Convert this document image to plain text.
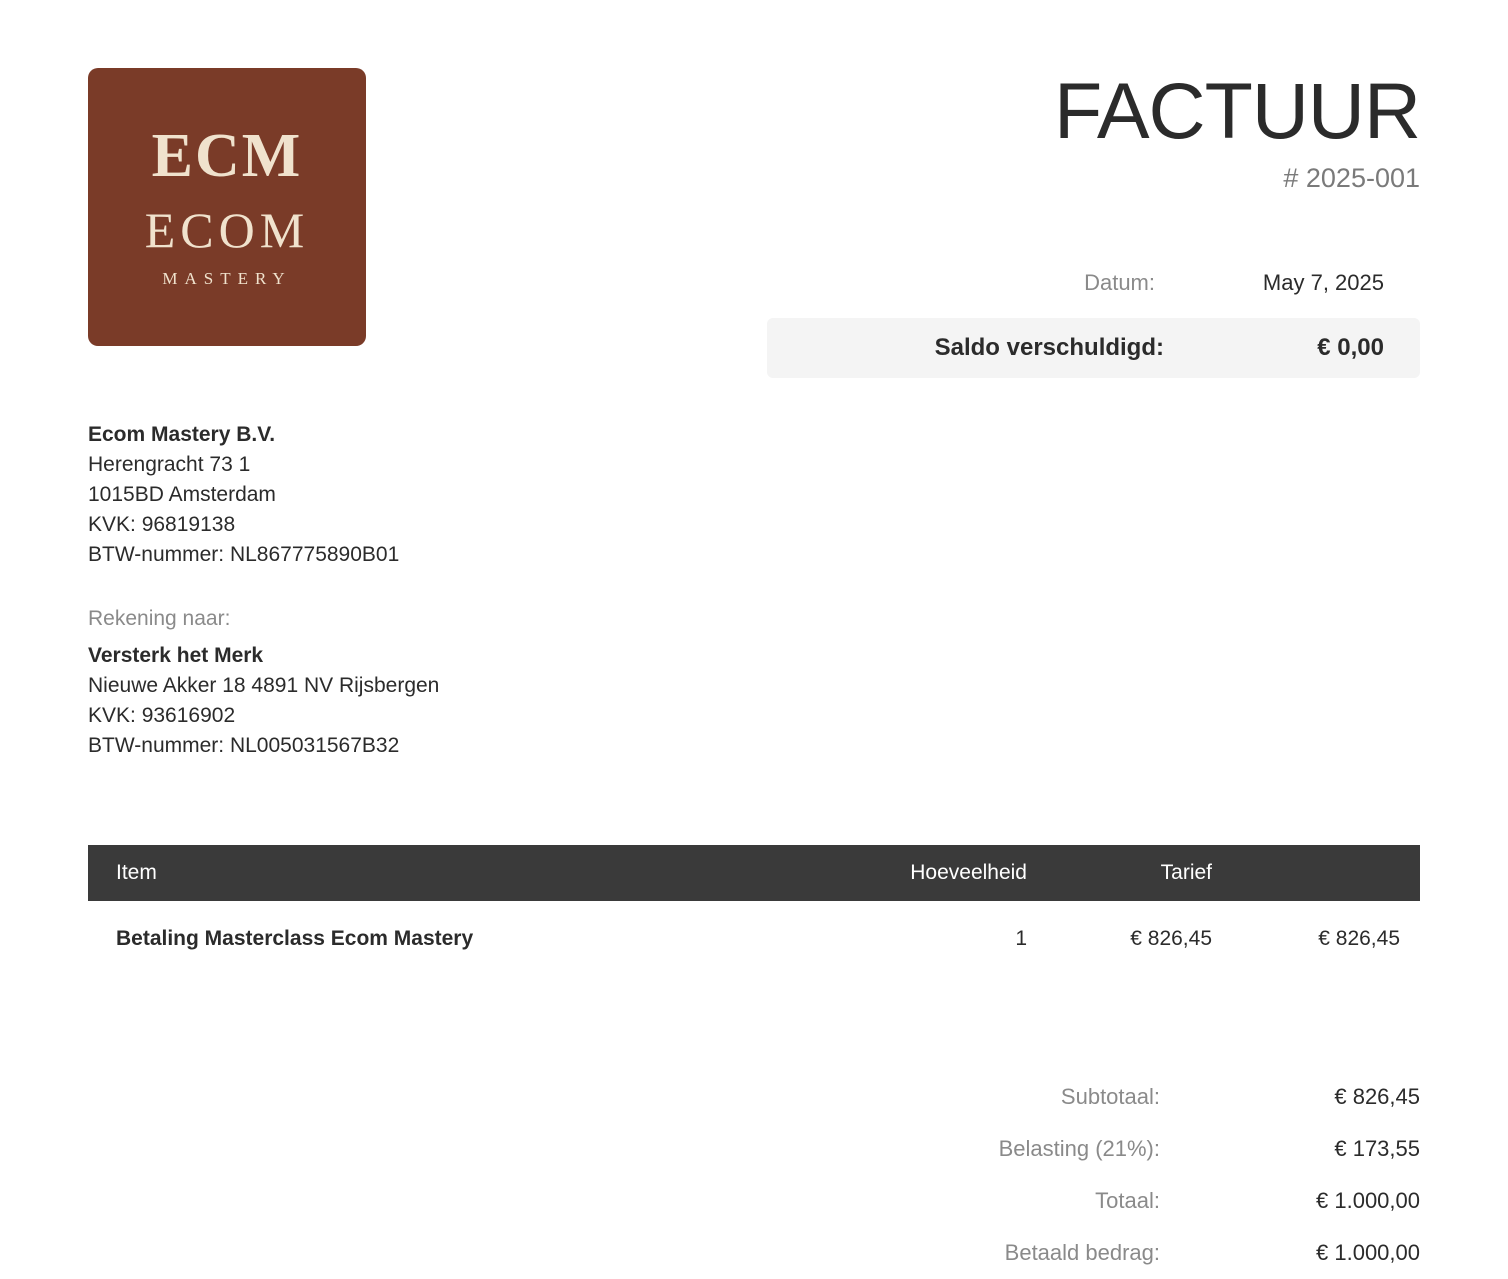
ECM
ECOM
MASTERY
FACTUUR
# 2025-001
Datum:	May 7, 2025
Saldo verschuldigd:	€ 0,00
Ecom Mastery B.V.
Herengracht 73 1
1015BD Amsterdam
KVK: 96819138
BTW-nummer: NL867775890B01
Rekening naar:
Versterk het Merk
Nieuwe Akker 18 4891 NV Rijsbergen
KVK: 93616902
BTW-nummer: NL005031567B32
Item	Hoeveelheid	Tarief	
Betaling Masterclass Ecom Mastery	1	€ 826,45	€ 826,45
Subtotaal:	€ 826,45
Belasting (21%):	€ 173,55
Totaal:	€ 1.000,00
Betaald bedrag:	€ 1.000,00
